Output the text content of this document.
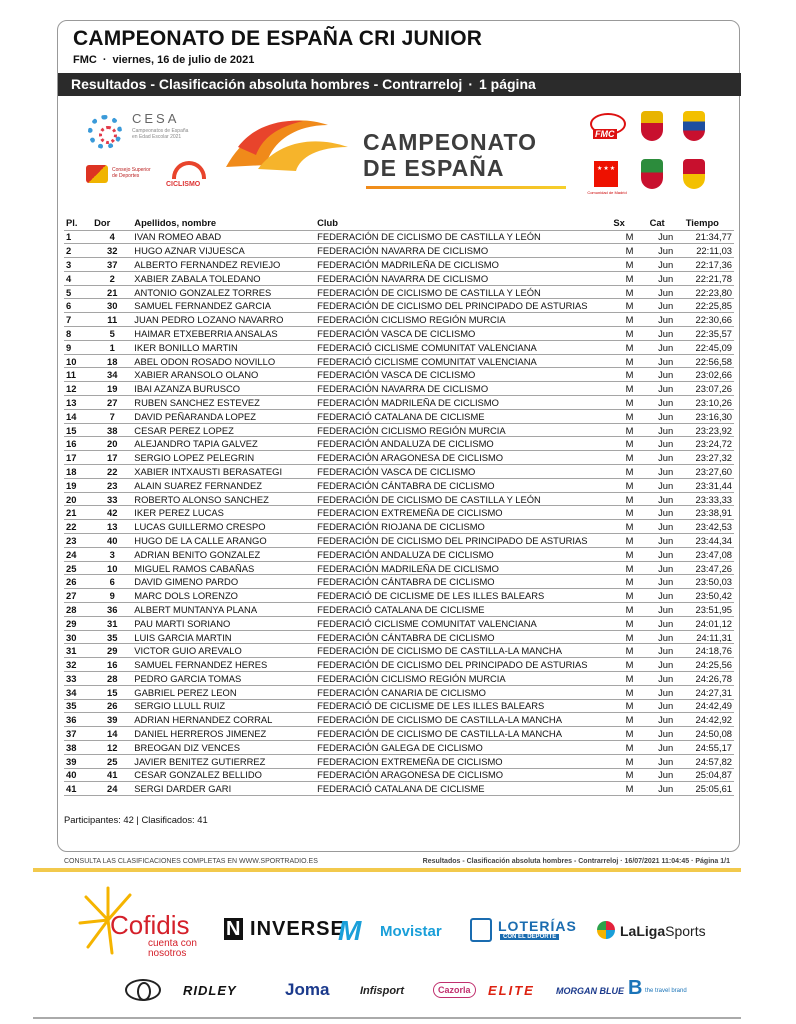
CAMPEONATO DE ESPAÑA CRI JUNIOR
FMC · viernes, 16 de julio de 2021
Resultados - Clasificación absoluta hombres - Contrarreloj · 1 página
CESA
Campeonatos de España en Edad Escolar 2021
Consejo Superior de Deportes
CICLISMO
CAMPEONATO
DE ESPAÑA
FMC
★★★
Comunidad de Madrid
Pl.	Dor	Apellidos, nombre	Club	Sx	Cat	Tiempo
1	4	IVAN ROMEO ABAD	FEDERACIÓN DE CICLISMO DE CASTILLA Y LEÓN	M	Jun	21:34,77
2	32	HUGO AZNAR VIJUESCA	FEDERACIÓN NAVARRA DE CICLISMO	M	Jun	22:11,03
3	37	ALBERTO FERNANDEZ REVIEJO	FEDERACIÓN MADRILEÑA DE CICLISMO	M	Jun	22:17,36
4	2	XABIER ZABALA TOLEDANO	FEDERACIÓN NAVARRA DE CICLISMO	M	Jun	22:21,78
5	21	ANTONIO GONZALEZ TORRES	FEDERACIÓN DE CICLISMO DE CASTILLA Y LEÓN	M	Jun	22:23,80
6	30	SAMUEL FERNANDEZ GARCIA	FEDERACIÓN DE CICLISMO DEL PRINCIPADO DE ASTURIAS	M	Jun	22:25,85
7	11	JUAN PEDRO LOZANO NAVARRO	FEDERACIÓN CICLISMO REGIÓN MURCIA	M	Jun	22:30,66
8	5	HAIMAR ETXEBERRIA ANSALAS	FEDERACIÓN VASCA DE CICLISMO	M	Jun	22:35,57
9	1	IKER BONILLO MARTIN	FEDERACIÓ CICLISME COMUNITAT VALENCIANA	M	Jun	22:45,09
10	18	ABEL ODON ROSADO NOVILLO	FEDERACIÓ CICLISME COMUNITAT VALENCIANA	M	Jun	22:56,58
11	34	XABIER ARANSOLO OLANO	FEDERACIÓN VASCA DE CICLISMO	M	Jun	23:02,66
12	19	IBAI AZANZA BURUSCO	FEDERACIÓN NAVARRA DE CICLISMO	M	Jun	23:07,26
13	27	RUBEN SANCHEZ ESTEVEZ	FEDERACIÓN MADRILEÑA DE CICLISMO	M	Jun	23:10,26
14	7	DAVID PEÑARANDA LOPEZ	FEDERACIÓ CATALANA DE CICLISME	M	Jun	23:16,30
15	38	CESAR PEREZ LOPEZ	FEDERACIÓN CICLISMO REGIÓN MURCIA	M	Jun	23:23,92
16	20	ALEJANDRO TAPIA GALVEZ	FEDERACIÓN ANDALUZA DE CICLISMO	M	Jun	23:24,72
17	17	SERGIO LOPEZ PELEGRIN	FEDERACIÓN ARAGONESA DE CICLISMO	M	Jun	23:27,32
18	22	XABIER INTXAUSTI BERASATEGI	FEDERACIÓN VASCA DE CICLISMO	M	Jun	23:27,60
19	23	ALAIN SUAREZ FERNANDEZ	FEDERACIÓN CÁNTABRA DE CICLISMO	M	Jun	23:31,44
20	33	ROBERTO ALONSO SANCHEZ	FEDERACIÓN DE CICLISMO DE CASTILLA Y LEÓN	M	Jun	23:33,33
21	42	IKER PEREZ LUCAS	FEDERACION EXTREMEÑA DE CICLISMO	M	Jun	23:38,91
22	13	LUCAS GUILLERMO CRESPO	FEDERACIÓN RIOJANA DE CICLISMO	M	Jun	23:42,53
23	40	HUGO DE LA CALLE ARANGO	FEDERACIÓN DE CICLISMO DEL PRINCIPADO DE ASTURIAS	M	Jun	23:44,34
24	3	ADRIAN BENITO GONZALEZ	FEDERACIÓN ANDALUZA DE CICLISMO	M	Jun	23:47,08
25	10	MIGUEL RAMOS CABAÑAS	FEDERACIÓN MADRILEÑA DE CICLISMO	M	Jun	23:47,26
26	6	DAVID GIMENO PARDO	FEDERACIÓN CÁNTABRA DE CICLISMO	M	Jun	23:50,03
27	9	MARC DOLS LORENZO	FEDERACIÓ DE CICLISME DE LES ILLES BALEARS	M	Jun	23:50,42
28	36	ALBERT MUNTANYA PLANA	FEDERACIÓ CATALANA DE CICLISME	M	Jun	23:51,95
29	31	PAU MARTI SORIANO	FEDERACIÓ CICLISME COMUNITAT VALENCIANA	M	Jun	24:01,12
30	35	LUIS GARCIA MARTIN	FEDERACIÓN CÁNTABRA DE CICLISMO	M	Jun	24:11,31
31	29	VICTOR GUIO AREVALO	FEDERACIÓN DE CICLISMO DE CASTILLA-LA MANCHA	M	Jun	24:18,76
32	16	SAMUEL FERNANDEZ HERES	FEDERACIÓN DE CICLISMO DEL PRINCIPADO DE ASTURIAS	M	Jun	24:25,56
33	28	PEDRO GARCIA TOMAS	FEDERACIÓN CICLISMO REGIÓN MURCIA	M	Jun	24:26,78
34	15	GABRIEL PEREZ LEON	FEDERACIÓN CANARIA DE CICLISMO	M	Jun	24:27,31
35	26	SERGIO LLULL RUIZ	FEDERACIÓ DE CICLISME DE LES ILLES BALEARS	M	Jun	24:42,49
36	39	ADRIAN HERNANDEZ CORRAL	FEDERACIÓN DE CICLISMO DE CASTILLA-LA MANCHA	M	Jun	24:42,92
37	14	DANIEL HERREROS JIMENEZ	FEDERACIÓN DE CICLISMO DE CASTILLA-LA MANCHA	M	Jun	24:50,08
38	12	BREOGAN DIZ VENCES	FEDERACIÓN GALEGA DE CICLISMO	M	Jun	24:55,17
39	25	JAVIER BENITEZ GUTIERREZ	FEDERACION EXTREMEÑA DE CICLISMO	M	Jun	24:57,82
40	41	CESAR GONZALEZ BELLIDO	FEDERACIÓN ARAGONESA DE CICLISMO	M	Jun	25:04,87
41	24	SERGI DARDER GARI	FEDERACIÓ CATALANA DE CICLISME	M	Jun	25:05,61
Participantes: 42 | Clasificados: 41
CONSULTA LAS CLASIFICACIONES COMPLETAS EN WWW.SPORTRADIO.ES	Resultados - Clasificación absoluta hombres - Contrarreloj · 16/07/2021 11:04:45 · Página 1/1
Cofidis
cuenta con
nosotros
N INVERSE
M Movistar	LOTERÍAS
CON EL DEPORTE	LaLigaSports
RIDLEY	Joma	Infisport	Cazorla	ELITE MORGAN BLUE B the travel brand
